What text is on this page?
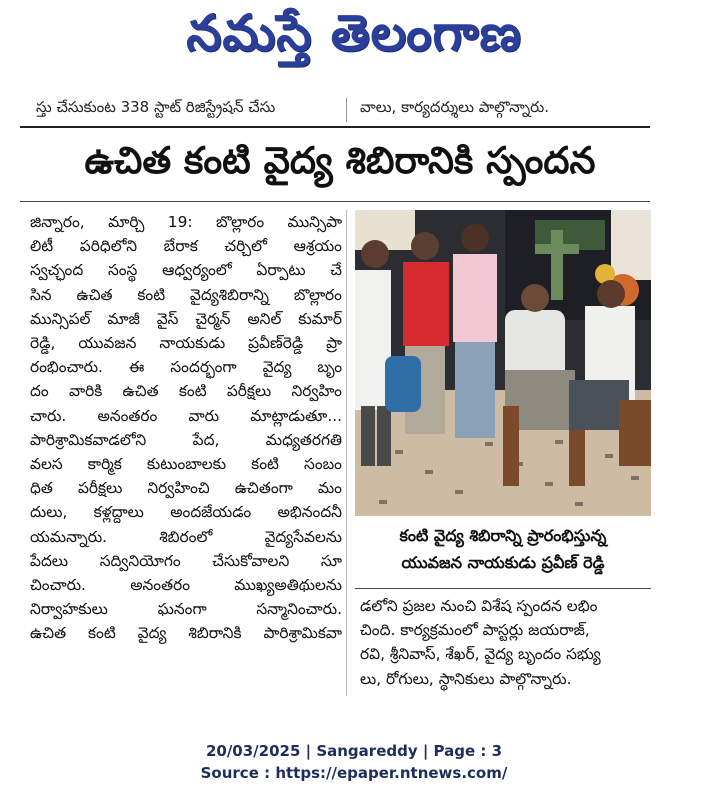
నమస్తే తెలంగాణ
స్తు చేసుకుంట 338 స్టాట్ రిజిస్ట్రేషన్ చేసు	వాలు, కార్యదర్శులు పాల్గొన్నారు.
ఉచిత కంటి వైద్య శిబిరానికి స్పందన

జిన్నారం, మార్చి 19: బొల్లారం మున్సిపా
లిటీ పరిధిలోని బేరాక చర్చిలో ఆశ్రయం
స్వచ్ఛంద సంస్థ ఆధ్వర్యంలో ఏర్పాటు చే
సిన ఉచిత కంటి వైద్యశిబిరాన్ని బొల్లారం
మున్సిపల్ మాజీ వైస్ చైర్మన్ అనిల్ కుమార్
రెడ్డి, యువజన నాయకుడు ప్రవీణ్‌రెడ్డి ప్రా
రంభించారు. ఈ సందర్భంగా వైద్య బృం
దం వారికి ఉచిత కంటి పరీక్షలు నిర్వహిం
చారు. అనంతరం వారు మాట్లాడుతూ...
పారిశ్రామికవాడలోని పేద, మధ్యతరగతి
వలస కార్మిక కుటుంబాలకు కంటి సంబం
ధిత పరీక్షలు నిర్వహించి ఉచితంగా మం
దులు, కళ్లద్దాలు అందజేయడం అభినందనీ
యమన్నారు. శిబిరంలో వైద్యసేవలను
పేదలు సద్వినియోగం చేసుకోవాలని సూ
చించారు. అనంతరం ముఖ్యఅతిథులను
నిర్వాహకులు ఘనంగా సన్మానించారు.
ఉచిత కంటి వైద్య శిబిరానికి పారిశ్రామికవా

కంటి వైద్య శిబిరాన్ని ప్రారంభిస్తున్న
యువజన నాయకుడు ప్రవీణ్ రెడ్డి
డలోని ప్రజల నుంచి విశేష స్పందన లభిం
చింది. కార్యక్రమంలో పాస్టర్లు జయరాజ్,
రవి, శ్రీనివాస్, శేఖర్, వైద్య బృందం సభ్యు
లు, రోగులు, స్థానికులు పాల్గొన్నారు.
20/03/2025 | Sangareddy | Page : 3
Source : https://epaper.ntnews.com/
